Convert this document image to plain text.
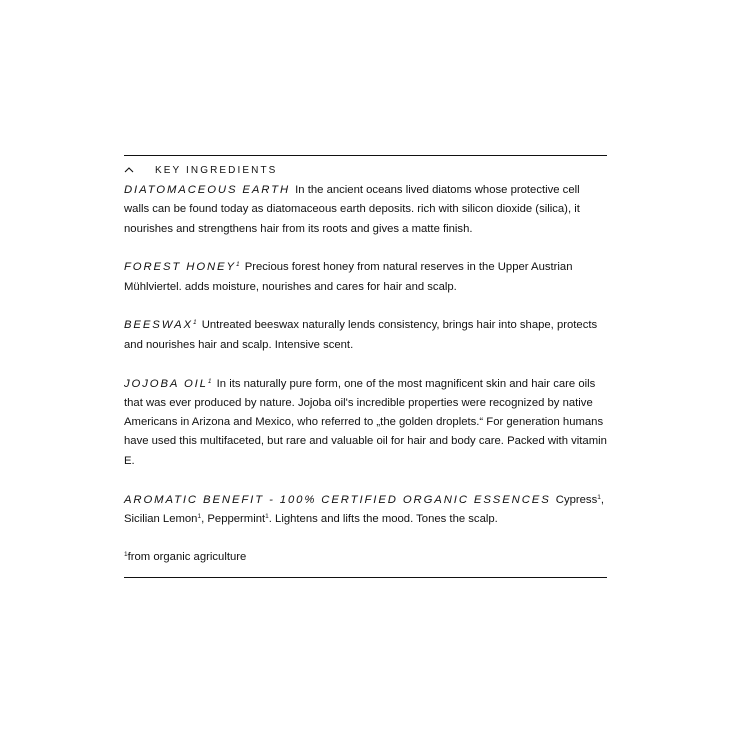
KEY INGREDIENTS

DIATOMACEOUS EARTH In the ancient oceans lived diatoms whose protective cell walls can be found today as diatomaceous earth deposits. rich with silicon dioxide (silica), it nourishes and strengthens hair from its roots and gives a matte finish.

FOREST HONEY$^1$ Precious forest honey from natural reserves in the Upper Austrian Mühlviertel. adds moisture, nourishes and cares for hair and scalp.

BEESWAX$^1$ Untreated beeswax naturally lends consistency, brings hair into shape, protects and nourishes hair and scalp. Intensive scent.

JOJOBA OIL$^1$ In its naturally pure form, one of the most magnificent skin and hair care oils that was ever produced by nature. Jojoba oil's incredible properties were recognized by native Americans in Arizona and Mexico, who referred to „the golden droplets.“ For generation humans have used this multifaceted, but rare and valuable oil for hair and body care. Packed with vitamin E.

AROMATIC BENEFIT - 100% CERTIFIED ORGANIC ESSENCES Cypress$^1$, Sicilian Lemon$^1$, Peppermint$^1$. Lightens and lifts the mood. Tones the scalp.

$^1$from organic agriculture
